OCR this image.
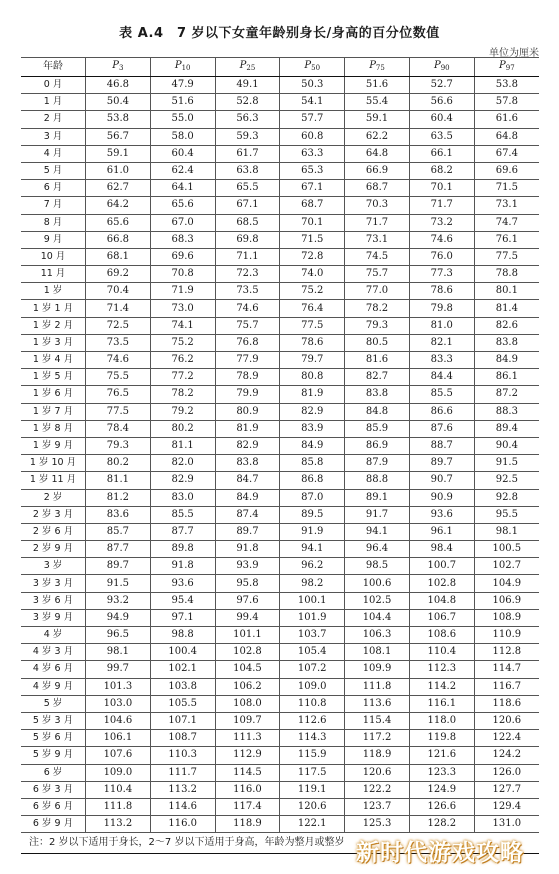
表 A.4　7 岁以下女童年龄别身长/身高的百分位数值
单位为厘米
年龄	$P_3$	$P_{10}$	$P_{25}$	$P_{50}$	$P_{75}$	$P_{90}$	$P_{97}$
0 月	46.8	47.9	49.1	50.3	51.6	52.7	53.8
1 月	50.4	51.6	52.8	54.1	55.4	56.6	57.8
2 月	53.8	55.0	56.3	57.7	59.1	60.4	61.6
3 月	56.7	58.0	59.3	60.8	62.2	63.5	64.8
4 月	59.1	60.4	61.7	63.3	64.8	66.1	67.4
5 月	61.0	62.4	63.8	65.3	66.9	68.2	69.6
6 月	62.7	64.1	65.5	67.1	68.7	70.1	71.5
7 月	64.2	65.6	67.1	68.7	70.3	71.7	73.1
8 月	65.6	67.0	68.5	70.1	71.7	73.2	74.7
9 月	66.8	68.3	69.8	71.5	73.1	74.6	76.1
10 月	68.1	69.6	71.1	72.8	74.5	76.0	77.5
11 月	69.2	70.8	72.3	74.0	75.7	77.3	78.8
1 岁	70.4	71.9	73.5	75.2	77.0	78.6	80.1
1 岁 1 月	71.4	73.0	74.6	76.4	78.2	79.8	81.4
1 岁 2 月	72.5	74.1	75.7	77.5	79.3	81.0	82.6
1 岁 3 月	73.5	75.2	76.8	78.6	80.5	82.1	83.8
1 岁 4 月	74.6	76.2	77.9	79.7	81.6	83.3	84.9
1 岁 5 月	75.5	77.2	78.9	80.8	82.7	84.4	86.1
1 岁 6 月	76.5	78.2	79.9	81.9	83.8	85.5	87.2
1 岁 7 月	77.5	79.2	80.9	82.9	84.8	86.6	88.3
1 岁 8 月	78.4	80.2	81.9	83.9	85.9	87.6	89.4
1 岁 9 月	79.3	81.1	82.9	84.9	86.9	88.7	90.4
1 岁 10 月	80.2	82.0	83.8	85.8	87.9	89.7	91.5
1 岁 11 月	81.1	82.9	84.7	86.8	88.8	90.7	92.5
2 岁	81.2	83.0	84.9	87.0	89.1	90.9	92.8
2 岁 3 月	83.6	85.5	87.4	89.5	91.7	93.6	95.5
2 岁 6 月	85.7	87.7	89.7	91.9	94.1	96.1	98.1
2 岁 9 月	87.7	89.8	91.8	94.1	96.4	98.4	100.5
3 岁	89.7	91.8	93.9	96.2	98.5	100.7	102.7
3 岁 3 月	91.5	93.6	95.8	98.2	100.6	102.8	104.9
3 岁 6 月	93.2	95.4	97.6	100.1	102.5	104.8	106.9
3 岁 9 月	94.9	97.1	99.4	101.9	104.4	106.7	108.9
4 岁	96.5	98.8	101.1	103.7	106.3	108.6	110.9
4 岁 3 月	98.1	100.4	102.8	105.4	108.1	110.4	112.8
4 岁 6 月	99.7	102.1	104.5	107.2	109.9	112.3	114.7
4 岁 9 月	101.3	103.8	106.2	109.0	111.8	114.2	116.7
5 岁	103.0	105.5	108.0	110.8	113.6	116.1	118.6
5 岁 3 月	104.6	107.1	109.7	112.6	115.4	118.0	120.6
5 岁 6 月	106.1	108.7	111.3	114.3	117.2	119.8	122.4
5 岁 9 月	107.6	110.3	112.9	115.9	118.9	121.6	124.2
6 岁	109.0	111.7	114.5	117.5	120.6	123.3	126.0
6 岁 3 月	110.4	113.2	116.0	119.1	122.2	124.9	127.7
6 岁 6 月	111.8	114.6	117.4	120.6	123.7	126.6	129.4
6 岁 9 月	113.2	116.0	118.9	122.1	125.3	128.2	131.0
注：2 岁以下适用于身长，2～7 岁以下适用于身高，年龄为整月或整岁 新时代游戏攻略
